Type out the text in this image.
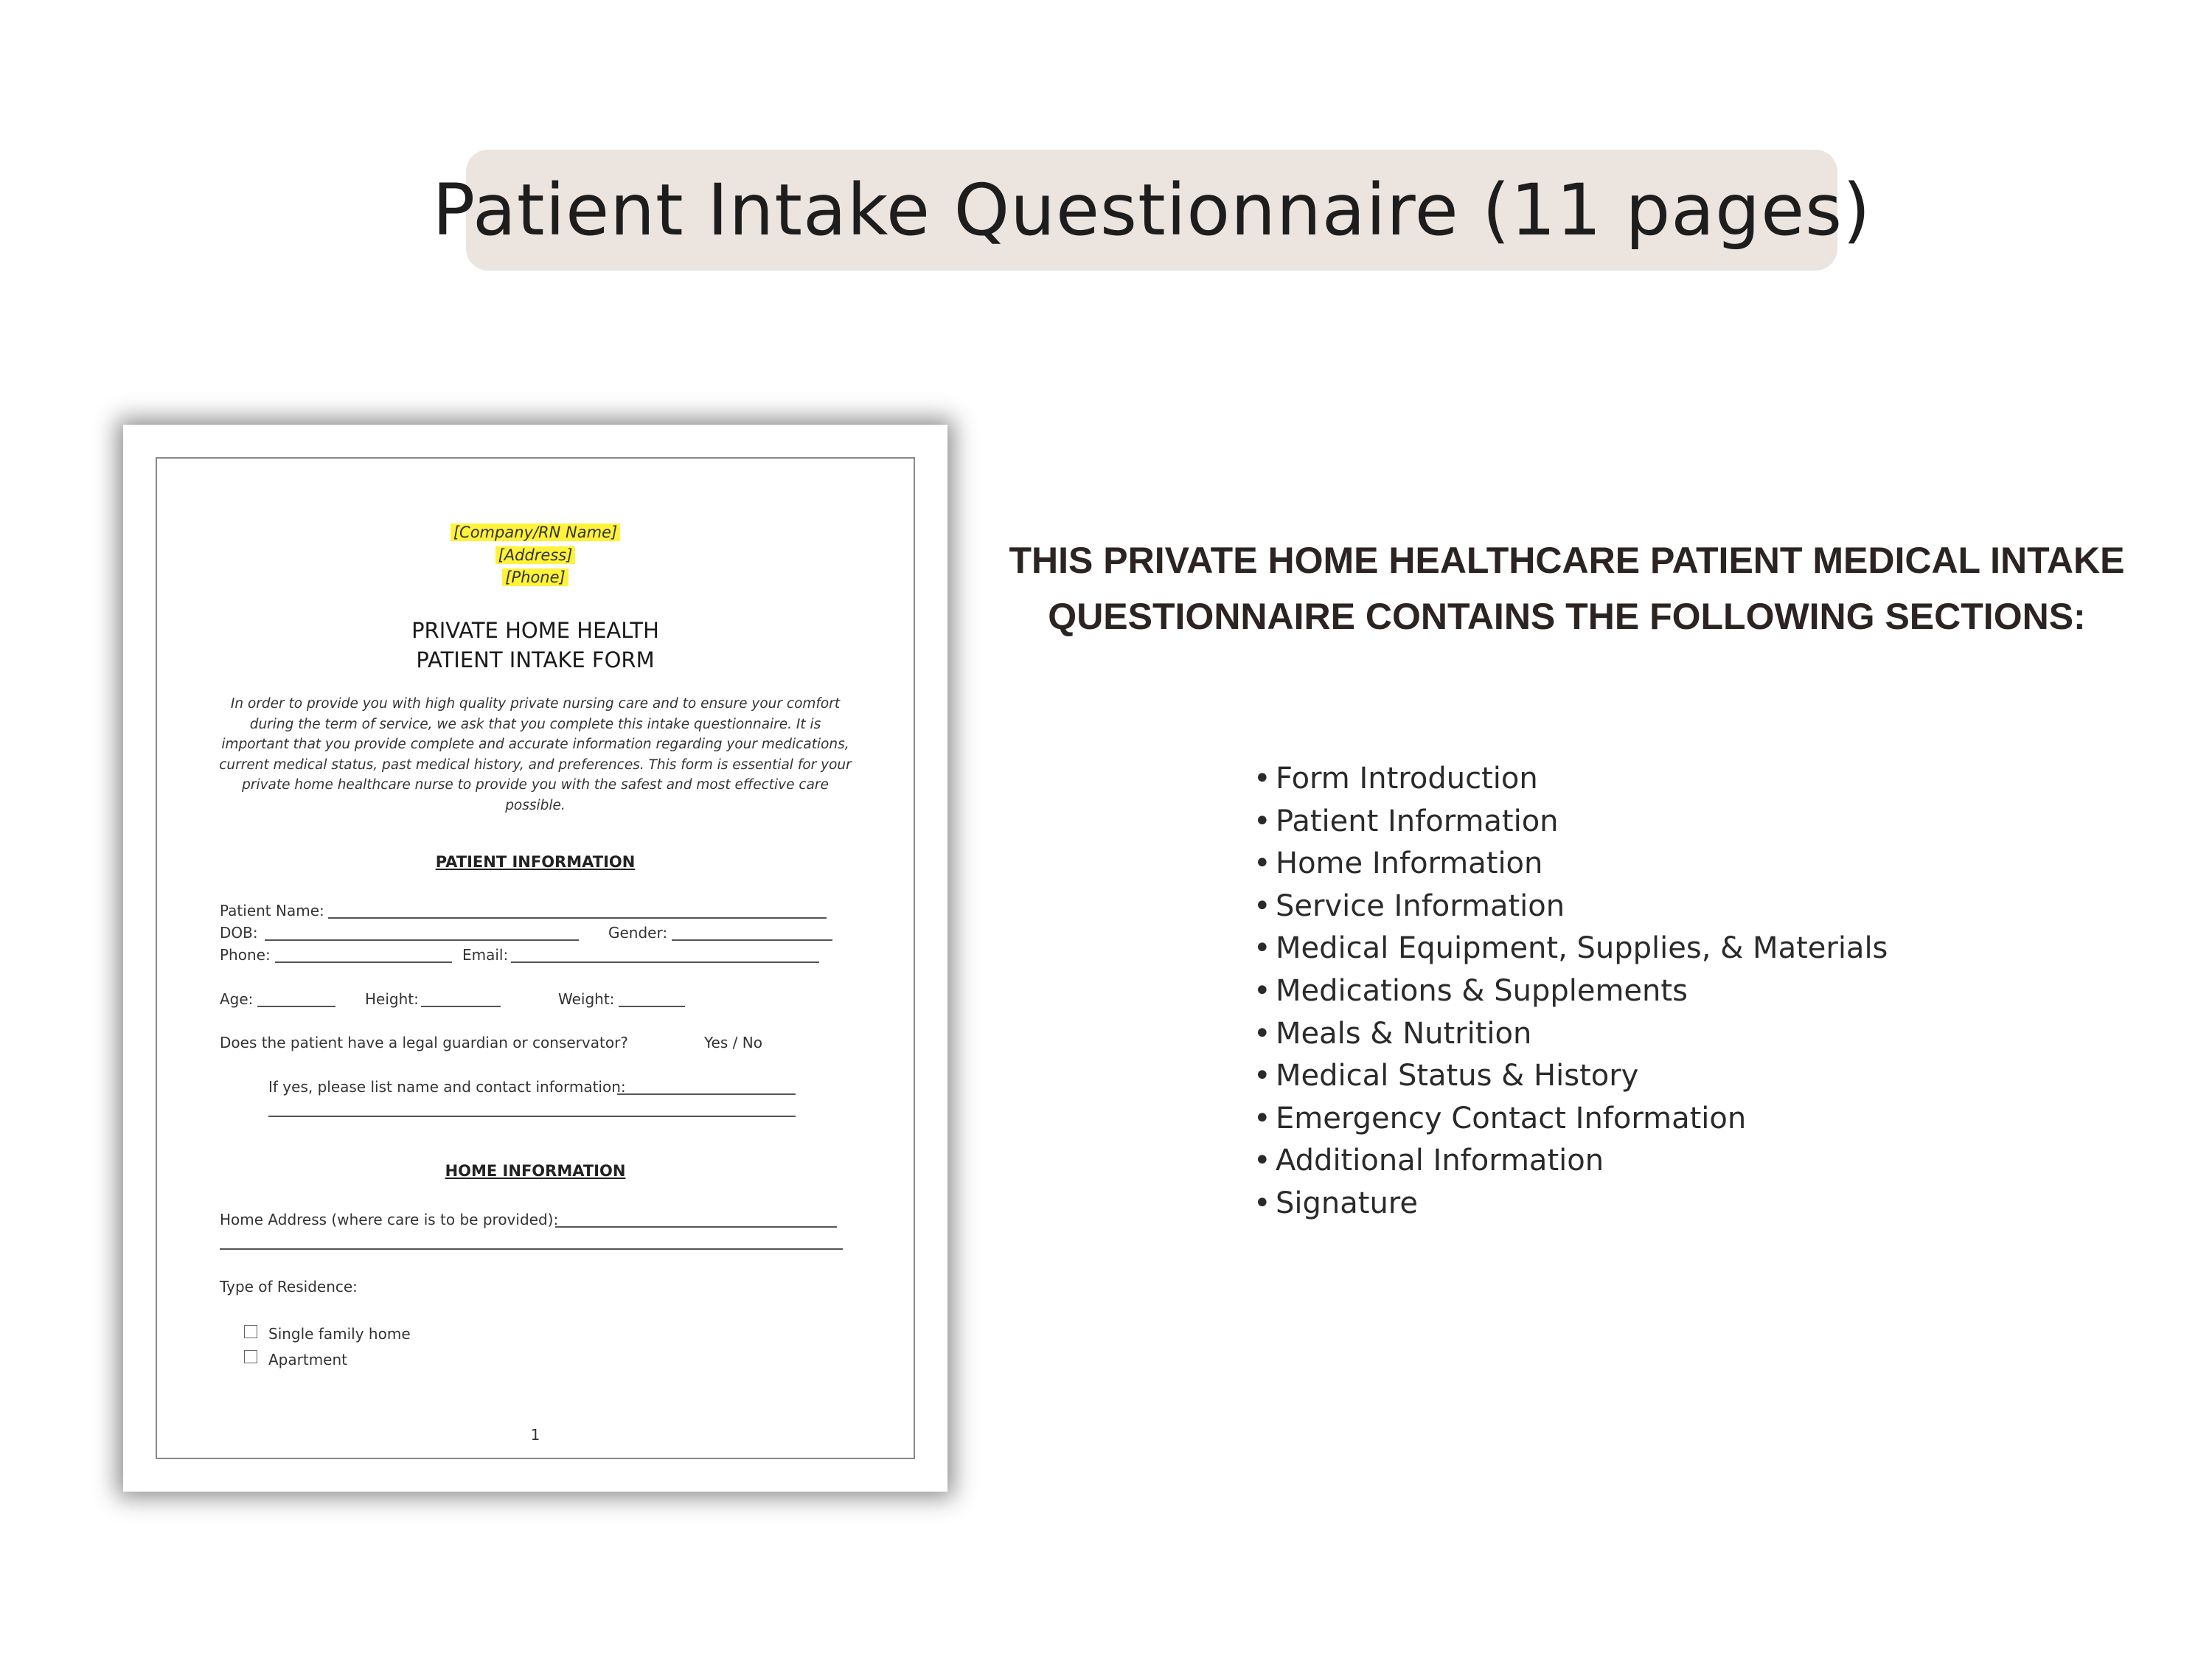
Patient Intake Questionnaire (11 pages)
[Company/RN Name]
[Address]
[Phone]
PRIVATE HOME HEALTH
PATIENT INTAKE FORM
In order to provide you with high quality private nursing care and to ensure your comfort during the term of service, we ask that you complete this intake questionnaire. It is important that you provide complete and accurate information regarding your medications, current medical status, past medical history, and preferences. This form is essential for your private home healthcare nurse to provide you with the safest and most effective care possible.
PATIENT INFORMATION
Patient Name:
DOB:	Gender:
Phone:	Email:
Age:	Height:	Weight:
Does the patient have a legal guardian or conservator?	Yes / No
If yes, please list name and contact information:
HOME INFORMATION
Home Address (where care is to be provided):
Type of Residence:
Single family home
Apartment
1
THIS PRIVATE HOME HEALTHCARE PATIENT MEDICAL INTAKE
QUESTIONNAIRE CONTAINS THE FOLLOWING SECTIONS:
• Form Introduction
• Patient Information
• Home Information
• Service Information
• Medical Equipment, Supplies, & Materials
• Medications & Supplements
• Meals & Nutrition
• Medical Status & History
• Emergency Contact Information
• Additional Information
• Signature
